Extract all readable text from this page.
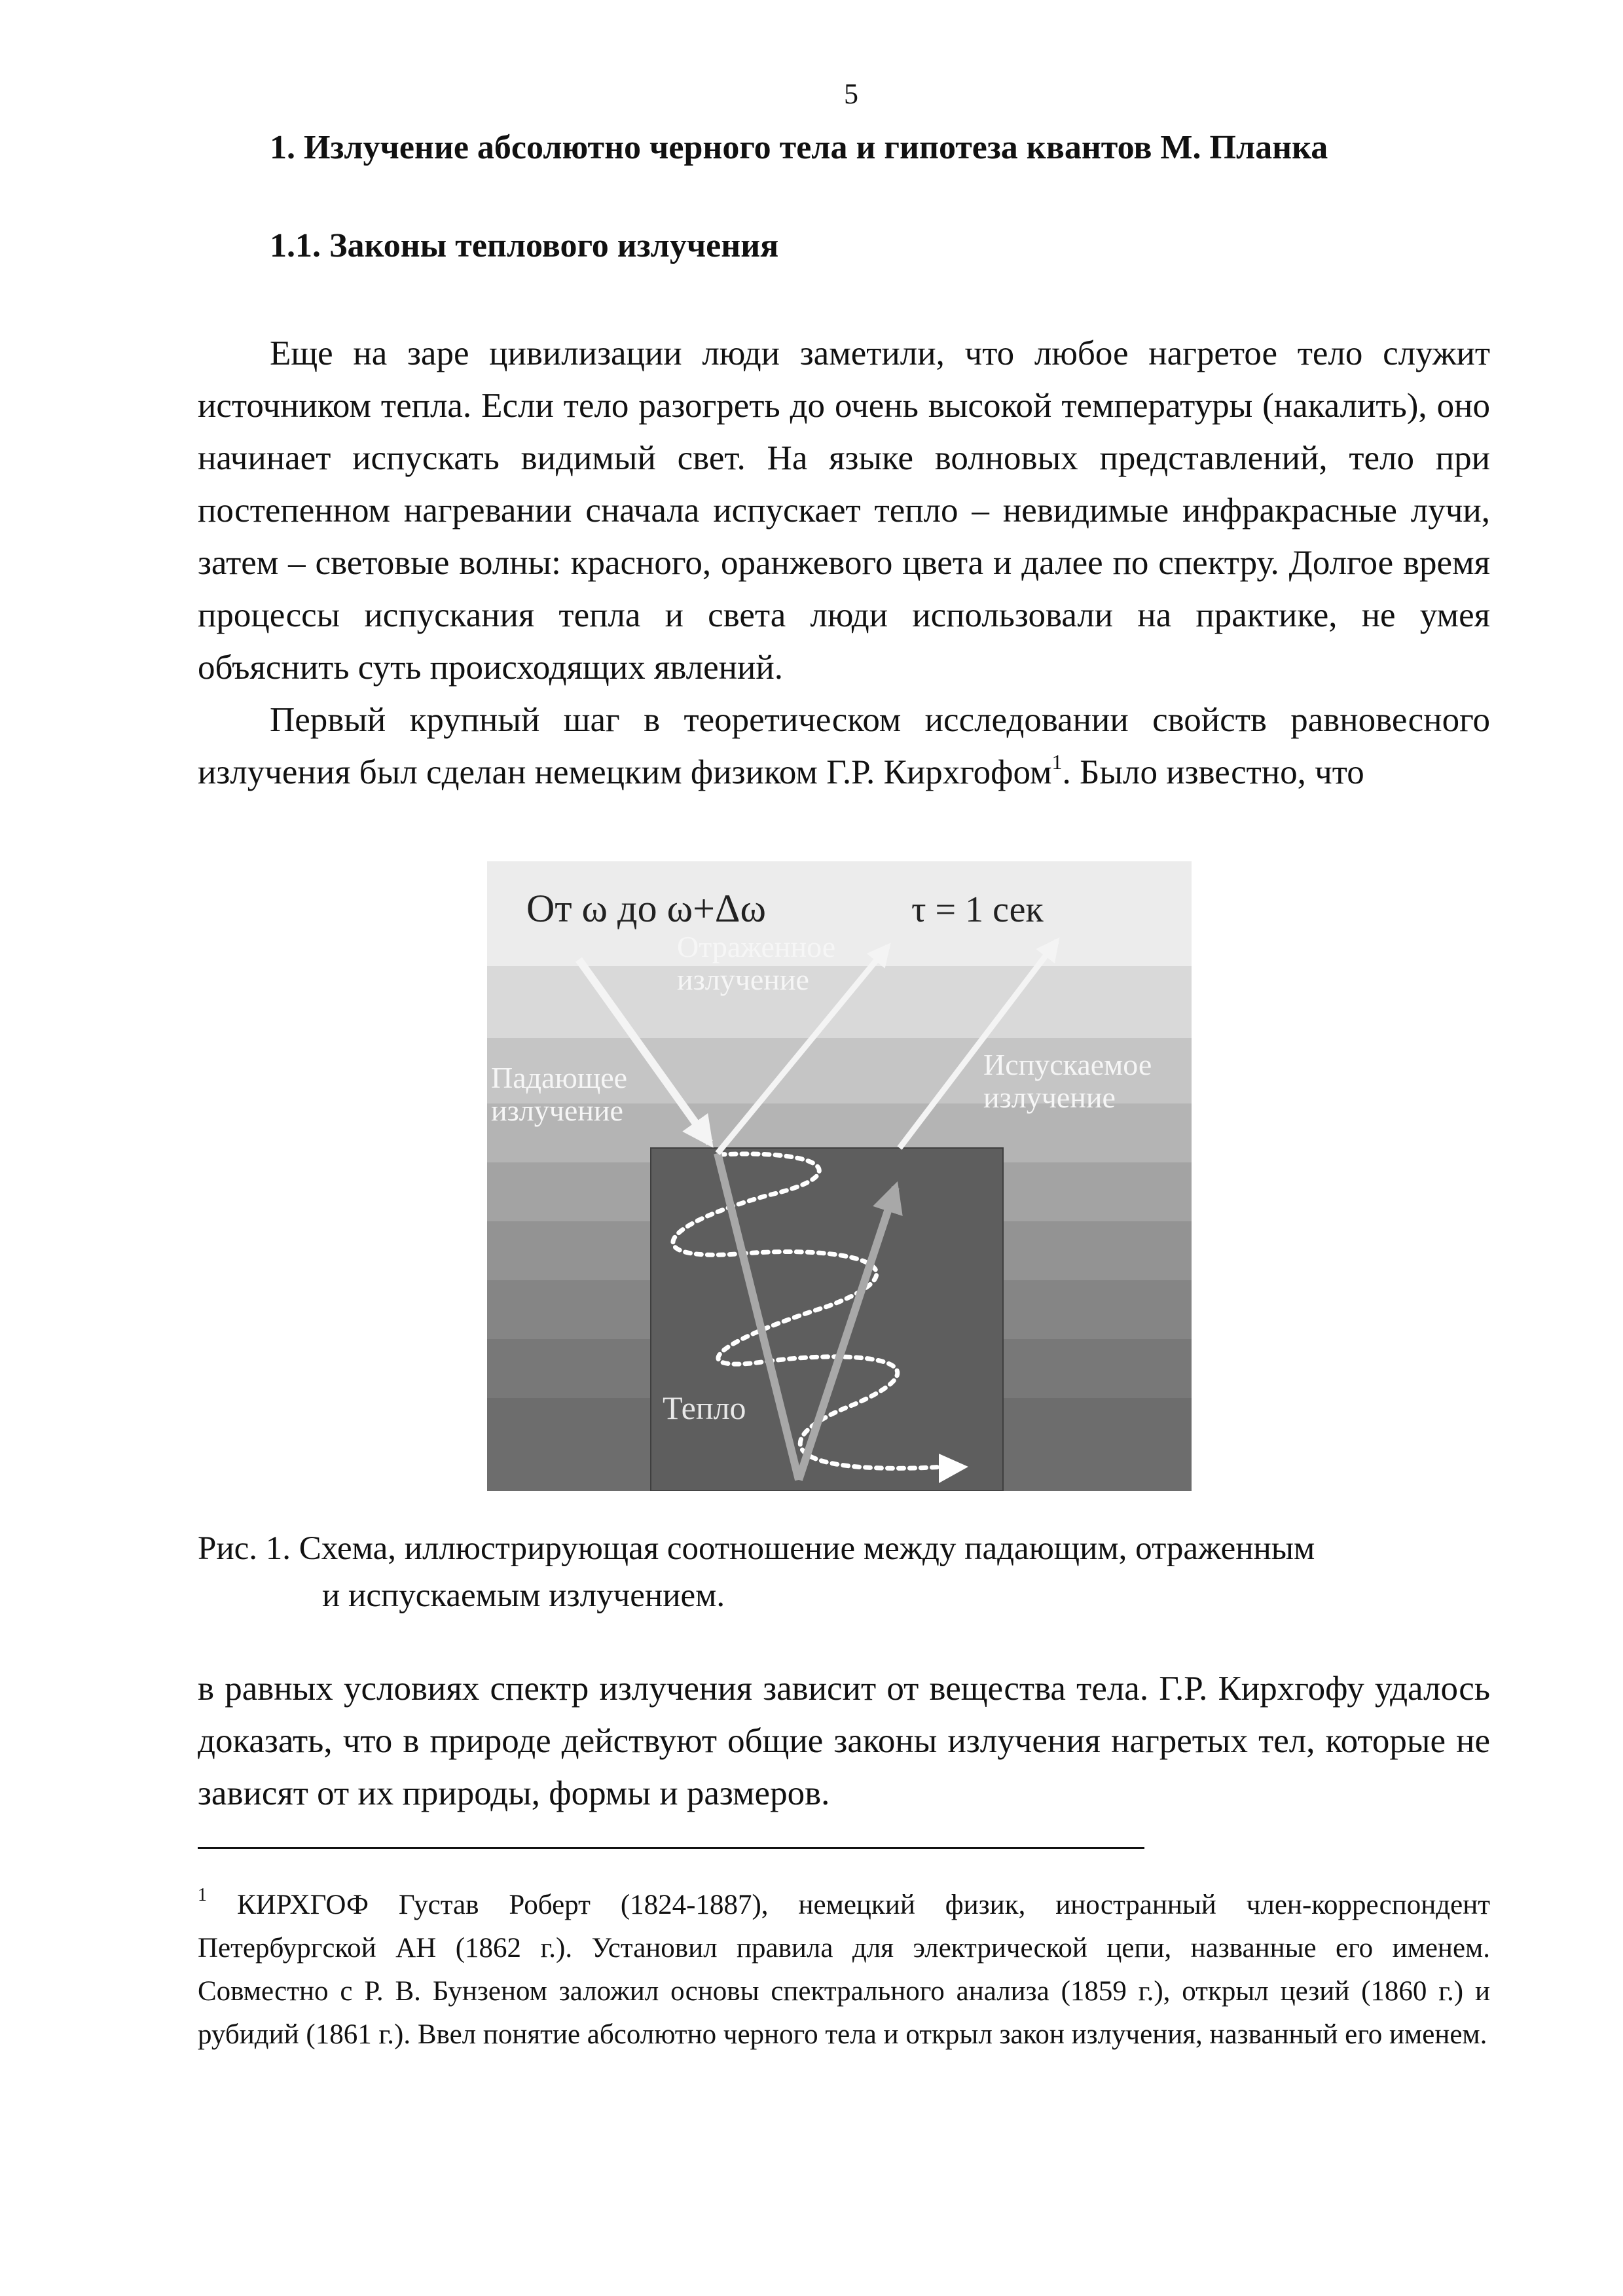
5
1. Излучение абсолютно черного тела и гипотеза квантов М. Планка
1.1. Законы теплового излучения

Еще на заре цивилизации люди заметили, что любое нагретое тело служит источником тепла. Если тело разогреть до очень высокой температуры (накалить), оно начинает испускать видимый свет. На языке волновых представлений, тело при постепенном нагревании сначала испускает тепло – невидимые инфракрасные лучи, затем – световые волны: красного, оранжевого цвета и далее по спектру. Долгое время процессы испускания тепла и света люди использовали на практике, не умея объяснить суть происходящих явлений.

Первый крупный шаг в теоретическом исследовании свойств равновесного излучения был сделан немецким физиком Г.Р. Кирхгофом$^1$. Было известно, что

От ω до ω+Δω	τ = 1 сек
Отраженное
излучение
Падающее
излучение
Испускаемое
излучение
Тепло
Рис. 1. Схема, иллюстрирующая соотношение между падающим, отраженным
и испускаемым излучением.

в равных условиях спектр излучения зависит от вещества тела. Г.Р. Кирхгофу удалось доказать, что в природе действуют общие законы излучения нагретых тел, которые не зависят от их природы, формы и размеров.

$^1$ КИРХГОФ Густав Роберт (1824-1887), немецкий физик, иностранный член-корреспондент Петербургской АН (1862 г.). Установил правила для электрической цепи, названные его именем. Совместно с Р. В. Бунзеном заложил основы спектрального анализа (1859 г.), открыл цезий (1860 г.) и рубидий (1861 г.). Ввел понятие абсолютно черного тела и открыл закон излучения, названный его именем.
